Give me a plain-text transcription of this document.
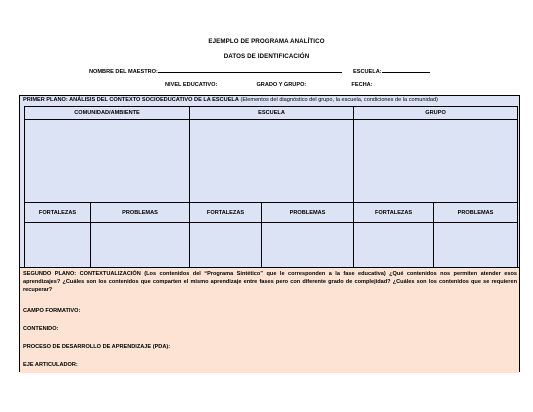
EJEMPLO DE PROGRAMA ANALÍTICO
DATOS DE IDENTIFICACIÓN
NOMBRE DEL MAESTRO:	ESCUELA:
NIVEL EDUCATIVO:	GRADO Y GRUPO:	FECHA:
PRIMER PLANO: ANÁLISIS DEL CONTEXTO SOCIOEDUCATIVO DE LA ESCUELA (Elementos del diagnóstico del grupo, la escuela, condiciones de la comunidad)
COMUNIDAD/AMBIENTE		ESCUELA		GRUPO	

FORTALEZAS	PROBLEMAS	FORTALEZAS	PROBLEMAS	FORTALEZAS	PROBLEMAS

SEGUNDO PLANO: CONTEXTUALIZACIÓN (Los contenidos del “Programa Sintético” que le corresponden a la fase educativa) ¿Qué contenidos nos permiten atender esos aprendizajes? ¿Cuáles son los contenidos que comparten el mismo aprendizaje entre fases pero con diferente grado de complejidad? ¿Cuáles son los contenidos que se requieren recuperar?
CAMPO FORMATIVO:
CONTENIDO:
PROCESO DE DESARROLLO DE APRENDIZAJE (PDA):
EJE ARTICULADOR:
